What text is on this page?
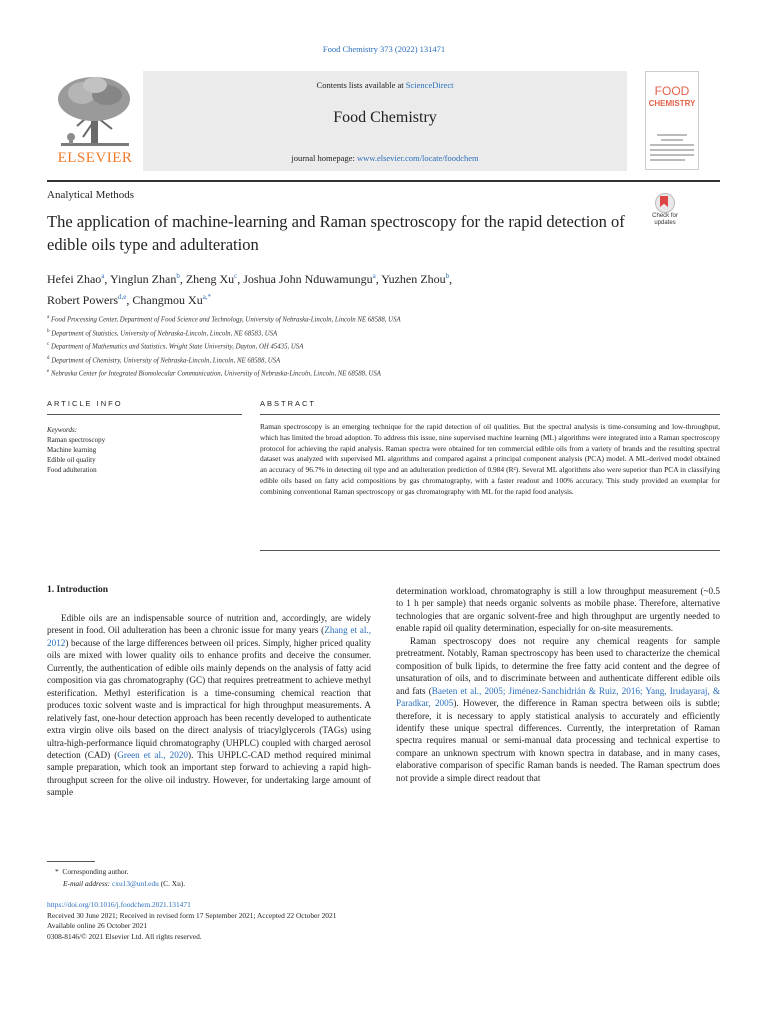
Food Chemistry 373 (2022) 131471
ELSEVIER
Contents lists available at ScienceDirect
Food Chemistry
journal homepage: www.elsevier.com/locate/foodchem
FOOD
CHEMISTRY
Analytical Methods
The application of machine-learning and Raman spectroscopy for the rapid detection of edible oils type and adulteration
Check for updates
Hefei Zhao$^a$, Yinglun Zhan$^b$, Zheng Xu$^c$, Joshua John Nduwamungu$^a$, Yuzhen Zhou$^b$,
Robert Powers$^{d,e}$, Changmou $Xu^{a,*}$
$^a$ Food Processing Center, Department of Food Science and Technology, University of Nebraska-Lincoln, Lincoln NE 68588, USA
$^b$ Department of Statistics, University of Nebraska-Lincoln, Lincoln, NE 68583, USA
$^c$ Department of Mathematics and Statistics, Wright State University, Dayton, OH 45435, USA
$^d$ Department of Chemistry, University of Nebraska-Lincoln, Lincoln, NE 68588, USA
$^e$ Nebraska Center for Integrated Biomolecular Communication, University of Nebraska-Lincoln, Lincoln, NE 68588, USA
ARTICLE INFO	ABSTRACT
Keywords:
Raman spectroscopy
Machine learning
Edible oil quality
Food adulteration
Raman spectroscopy is an emerging technique for the rapid detection of oil qualities. But the spectral analysis is time-consuming and low-throughput, which has limited the broad adoption. To address this issue, nine supervised machine learning (ML) algorithms were integrated into a Raman spectroscopy protocol for achieving the rapid analysis. Raman spectra were obtained for ten commercial edible oils from a variety of brands and the resulting spectral dataset was analyzed with supervised ML algorithms and compared against a principal component analysis (PCA) model. A ML-derived model obtained an accuracy of 96.7% in detecting oil type and an adulteration prediction of 0.984 (R²). Several ML algorithms also were superior than PCA in classifying edible oils based on fatty acid compositions by gas chromatography, with a faster readout and 100% accuracy. This study provided an exemplar for combining conventional Raman spectroscopy or gas chromatography with ML for the rapid food analysis.
1. Introduction

Edible oils are an indispensable source of nutrition and, accordingly, are widely present in food. Oil adulteration has been a chronic issue for many years (Zhang et al., 2012) because of the large differences between oil prices. Simply, higher priced quality oils are mixed with lower quality oils to enhance profits and deceive the consumer. Currently, the authentication of edible oils mainly depends on the analysis of fatty acid composition via gas chromatography (GC) that requires pretreatment to achieve methyl esterification. Methyl esterification is a time-consuming chemical reaction that produces toxic solvent waste and is impractical for high throughput measurements. A relatively fast, one-hour detection approach has been recently developed to authenticate extra virgin olive oils based on the direct analysis of triacylglycerols (TAGs) using ultra-high-performance liquid chromatography (UHPLC) coupled with charged aerosol detection (CAD) (Green et al., 2020). This UHPLC-CAD method required minimal sample preparation, which took an important step forward to achieving a rapid high-throughput screen for the olive oil industry. However, for undertaking large amount of sample

determination workload, chromatography is still a low throughput measurement (~0.5 to 1 h per sample) that needs organic solvents as mobile phase. Therefore, alternative technologies that are organic solvent-free and high throughput are urgently needed to enable rapid oil quality determination, especially for on-site measurements.

Raman spectroscopy does not require any chemical reagents for sample pretreatment. Notably, Raman spectroscopy has been used to characterize the chemical composition of bulk lipids, to determine the free fatty acid content and the degree of unsaturation of oils, and to discriminate between and authenticate different edible oils and fats (Baeten et al., 2005; Jiménez-Sanchidrián & Ruiz, 2016; Yang, Irudayaraj, & Paradkar, 2005). However, the difference in Raman spectra between oils is subtle; therefore, it is necessary to apply statistical analysis to accurately and efficiently identify these unique spectral differences. Currently, the interpretation of Raman spectra requires manual or semi-manual data processing and technical expertise to compare an unknown spectrum with known spectra in database, and in many cases, elaborative comparison of specific Raman bands is needed. The Raman spectrum does not provide a simple direct readout that

*  Corresponding author.
E-mail address: cxu13@unl.edu (C. Xu).
https://doi.org/10.1016/j.foodchem.2021.131471
Received 30 June 2021; Received in revised form 17 September 2021; Accepted 22 October 2021
Available online 26 October 2021
0308-8146/© 2021 Elsevier Ltd. All rights reserved.
